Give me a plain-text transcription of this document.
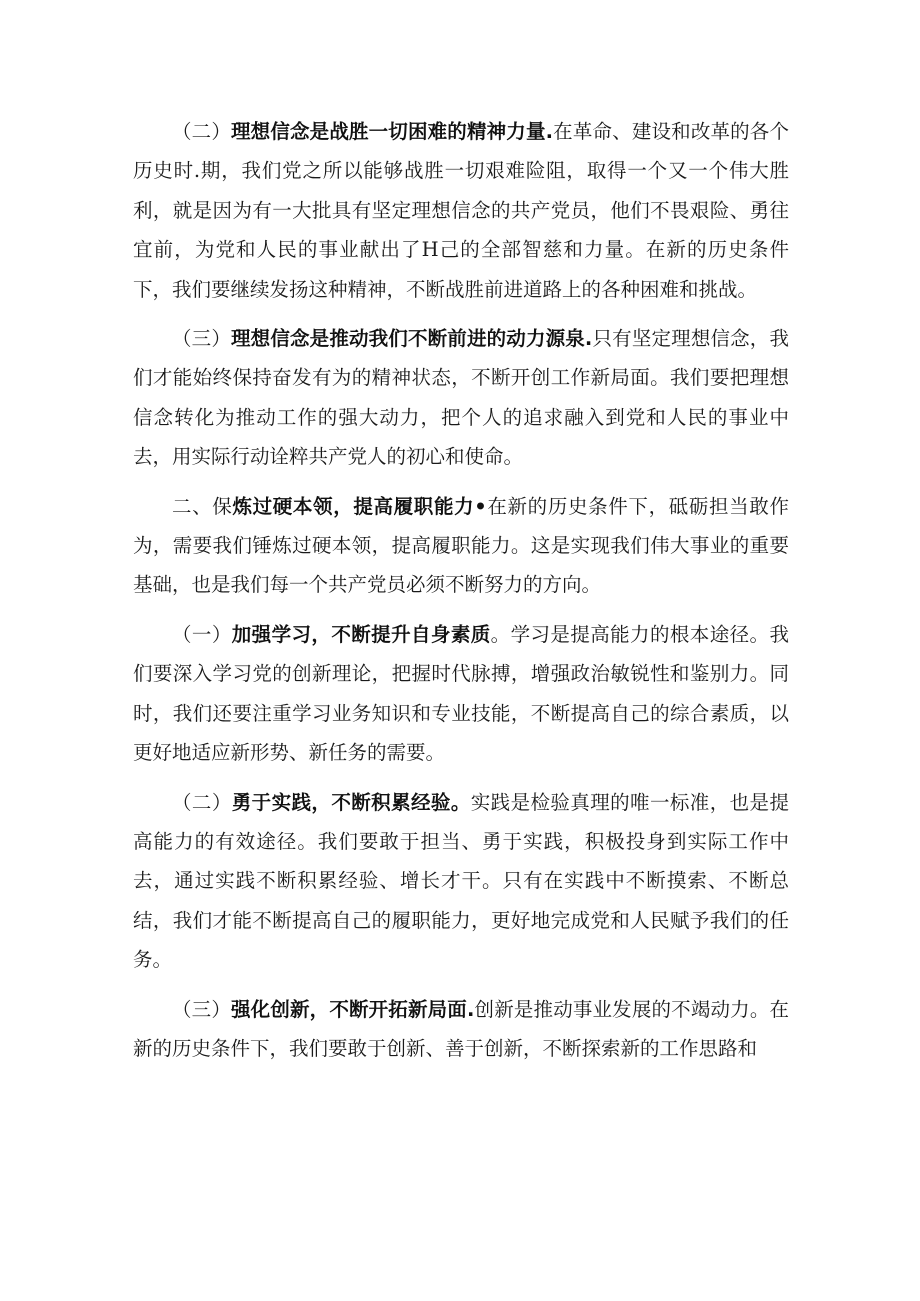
（二）理想信念是战胜一切困难的精神力量.在革命、建设和改革的各个历史时.期，我们党之所以能够战胜一切艰难险阻，取得一个又一个伟大胜利，就是因为有一大批具有坚定理想信念的共产党员，他们不畏艰险、勇往宜前，为党和人民的事业献出了H己的全部智慈和力量。在新的历史条件下，我们要继续发扬这种精神，不断战胜前进道路上的各种困难和挑战。

（三）理想信念是推动我们不断前进的动力源泉.只有坚定理想信念，我们才能始终保持奋发有为的精神状态，不断开创工作新局面。我们要把理想信念转化为推动工作的强大动力，把个人的追求融入到党和人民的事业中去，用实际行动诠粹共产党人的初心和使命。

二、保炼过硬本领，提高履职能力•在新的历史条件下，砥砺担当敢作为，需要我们锤炼过硬本领，提高履职能力。这是实现我们伟大事业的重要基础，也是我们每一个共产党员必须不断努力的方向。

（一）加强学习，不断提升自身素质。学习是提高能力的根本途径。我们要深入学习党的创新理论，把握时代脉搏，增强政治敏锐性和鉴别力。同时，我们还要注重学习业务知识和专业技能，不断提高自己的综合素质，以更好地适应新形势、新任务的需要。

（二）勇于实践，不断积累经验。实践是检验真理的唯一标准，也是提高能力的有效途径。我们要敢于担当、勇于实践，积极投身到实际工作中去，通过实践不断积累经验、增长才干。只有在实践中不断摸索、不断总结，我们才能不断提高自己的履职能力，更好地完成党和人民赋予我们的任务。

（三）强化创新，不断开拓新局面.创新是推动事业发展的不竭动力。在新的历史条件下，我们要敢于创新、善于创新，不断探索新的工作思路和
